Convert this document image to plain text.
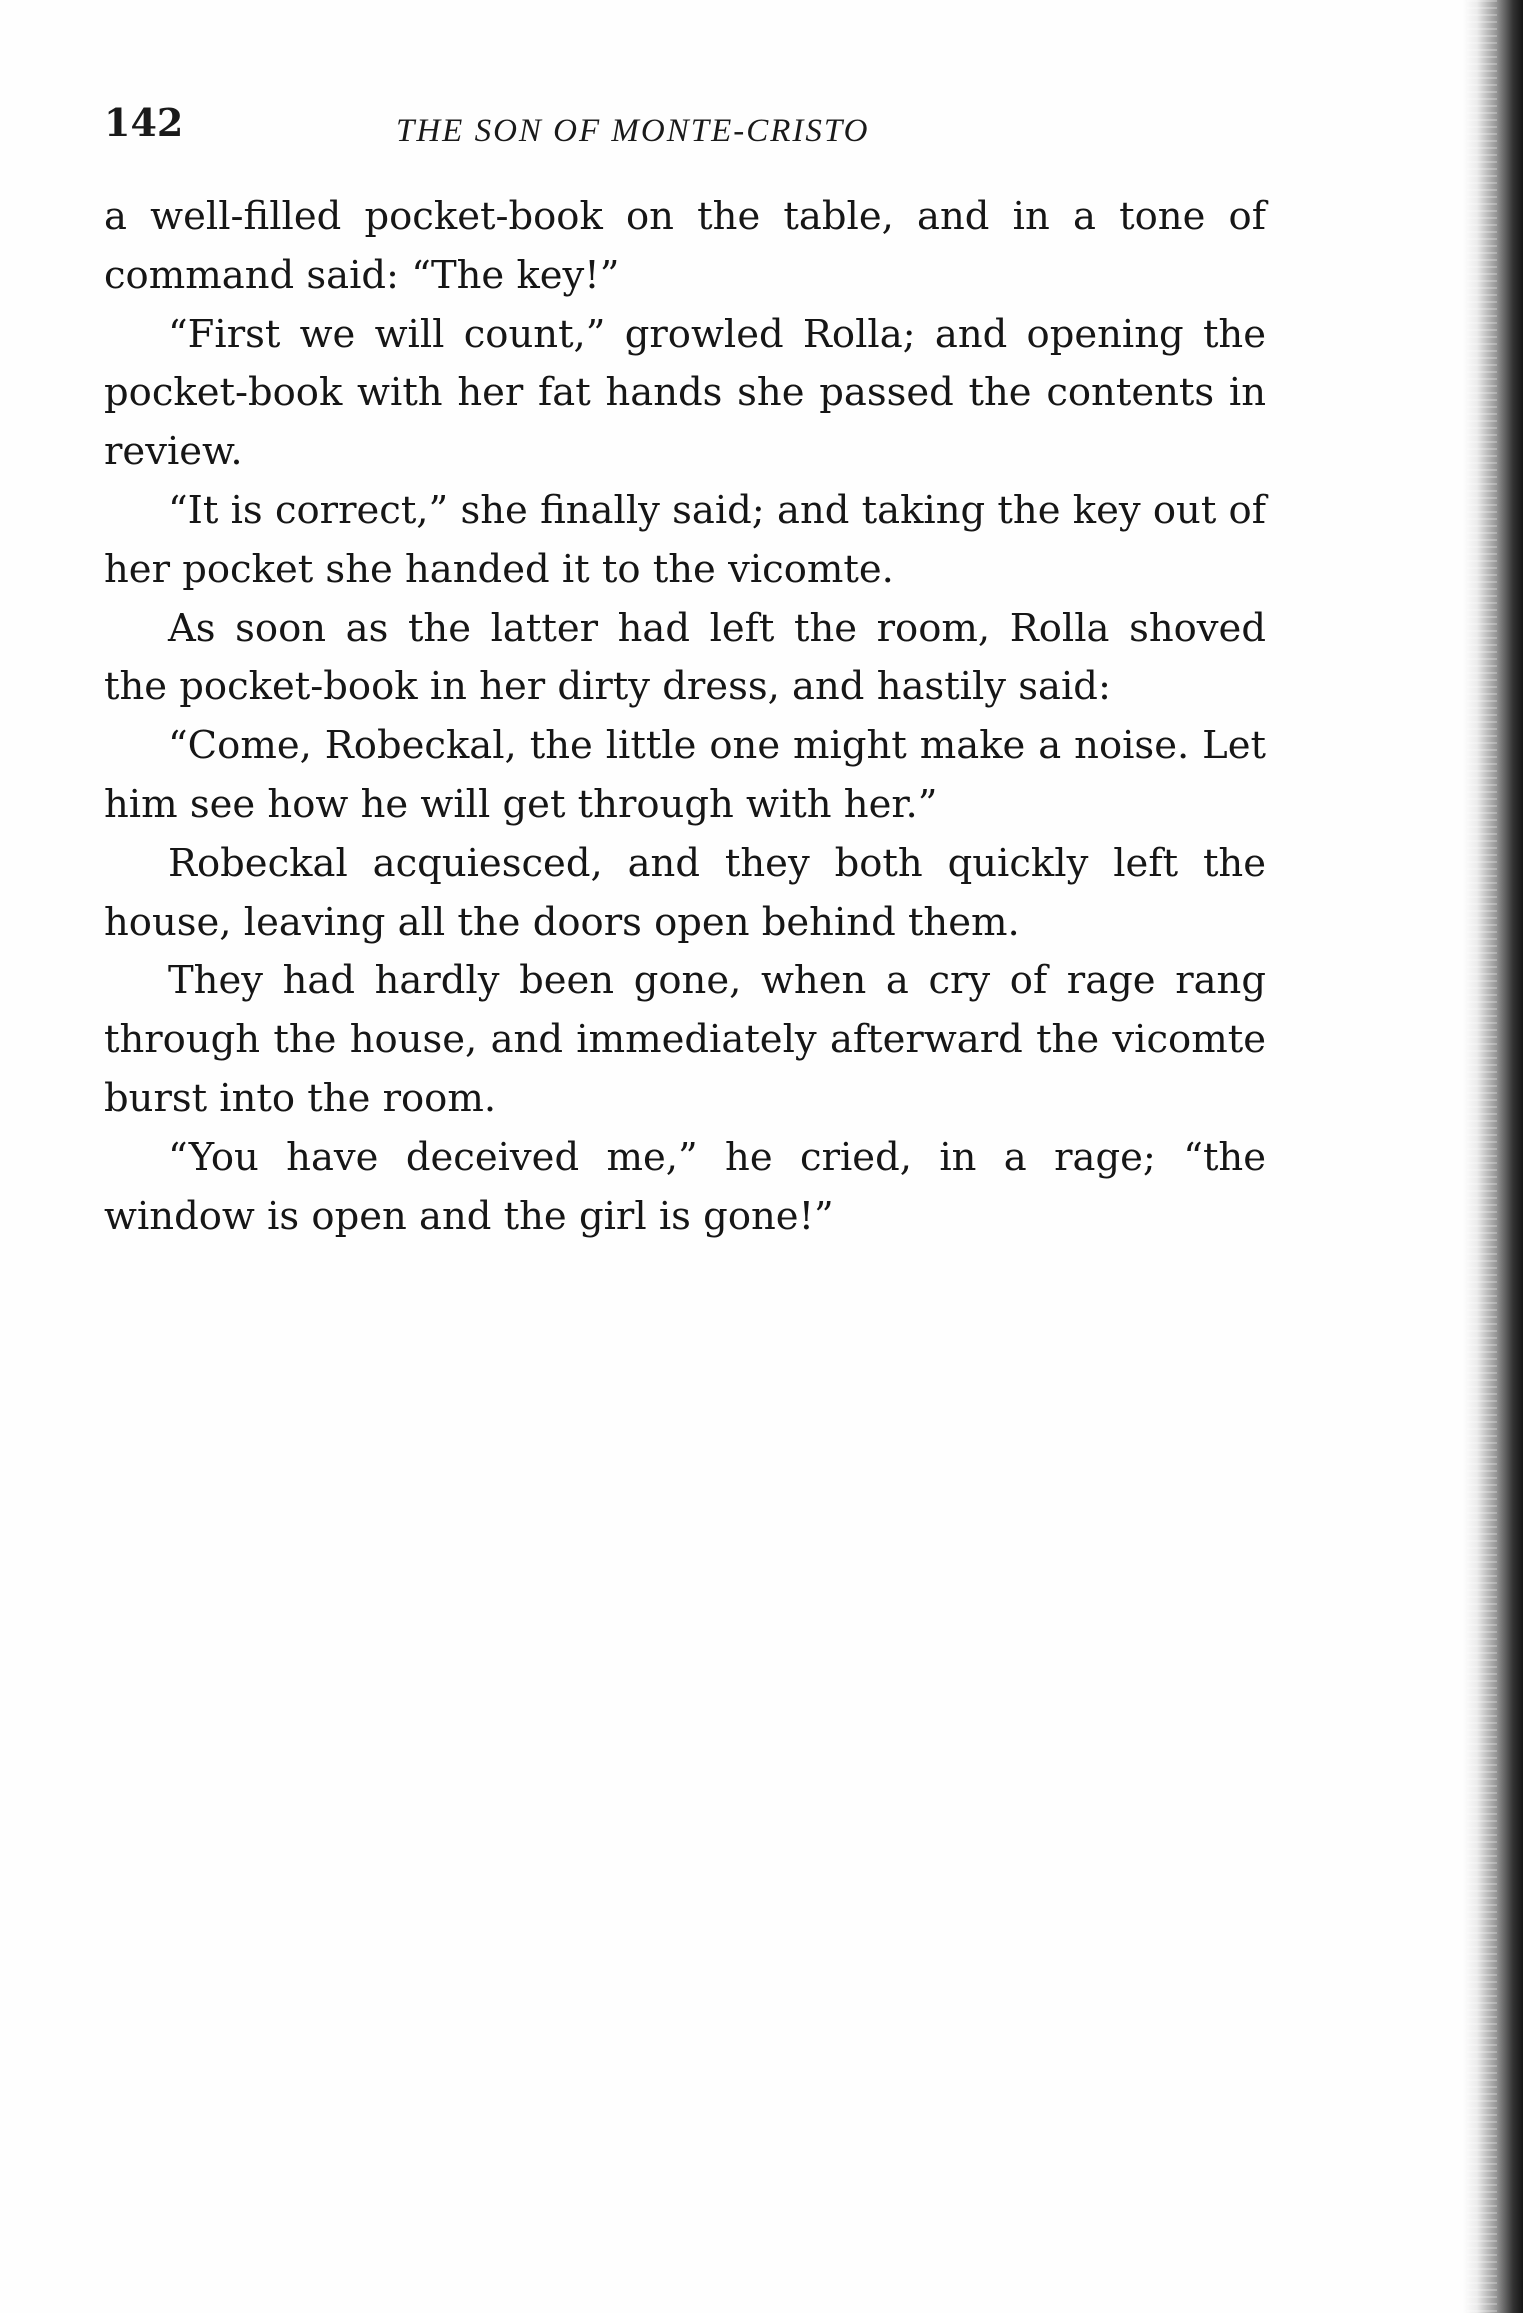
142	THE SON OF MONTE-CRISTO

a well-filled pocket-book on the table, and in a tone of command said: “The key!”

“First we will count,” growled Rolla; and opening the pocket-book with her fat hands she passed the contents in review.

“It is correct,” she finally said; and taking the key out of her pocket she handed it to the vicomte.

As soon as the latter had left the room, Rolla shoved the pocket-book in her dirty dress, and hastily said:

“Come, Robeckal, the little one might make a noise. Let him see how he will get through with her.”

Robeckal acquiesced, and they both quickly left the house, leaving all the doors open behind them.

They had hardly been gone, when a cry of rage rang through the house, and immediately afterward the vicomte burst into the room.

“You have deceived me,” he cried, in a rage; “the window is open and the girl is gone!”
